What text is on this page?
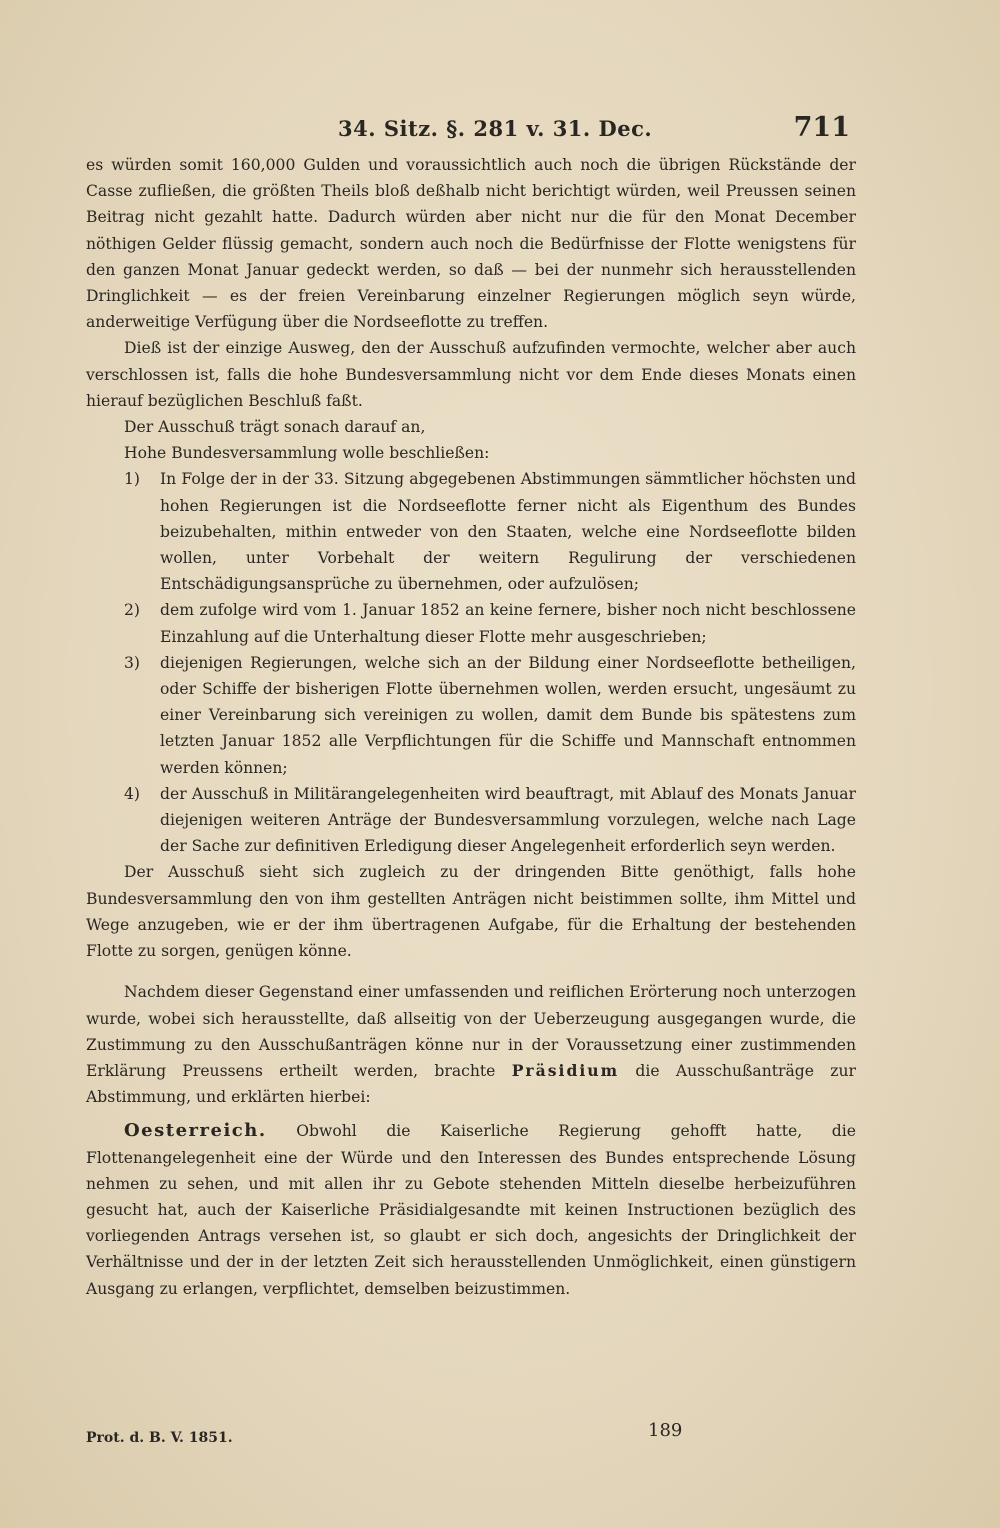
34. Sitz. §. 281 v. 31. Dec.	711

es würden somit 160,000 Gulden und voraussichtlich auch noch die übrigen Rückstände der Casse zufließen, die größten Theils bloß deßhalb nicht berichtigt würden, weil Preussen seinen Beitrag nicht gezahlt hatte. Dadurch würden aber nicht nur die für den Monat December nöthigen Gelder flüssig gemacht, sondern auch noch die Bedürfnisse der Flotte wenigstens für den ganzen Monat Januar gedeckt werden, so daß — bei der nunmehr sich herausstellenden Dringlichkeit — es der freien Vereinbarung einzelner Regierungen möglich seyn würde, anderweitige Verfügung über die Nordseeflotte zu treffen.

Dieß ist der einzige Ausweg, den der Ausschuß aufzufinden vermochte, welcher aber auch verschlossen ist, falls die hohe Bundesversammlung nicht vor dem Ende dieses Monats einen hierauf bezüglichen Beschluß faßt.

Der Ausschuß trägt sonach darauf an,

Hohe Bundesversammlung wolle beschließen:

1) In Folge der in der 33. Sitzung abgegebenen Abstimmungen sämmtlicher höchsten und hohen Regierungen ist die Nordseeflotte ferner nicht als Eigenthum des Bundes beizubehalten, mithin entweder von den Staaten, welche eine Nordseeflotte bilden wollen, unter Vorbehalt der weitern Regulirung der verschiedenen Entschädigungsansprüche zu übernehmen, oder aufzulösen;
2) dem zufolge wird vom 1. Januar 1852 an keine fernere, bisher noch nicht beschlossene Einzahlung auf die Unterhaltung dieser Flotte mehr ausgeschrieben;
3) diejenigen Regierungen, welche sich an der Bildung einer Nordseeflotte betheiligen, oder Schiffe der bisherigen Flotte übernehmen wollen, werden ersucht, ungesäumt zu einer Vereinbarung sich vereinigen zu wollen, damit dem Bunde bis spätestens zum letzten Januar 1852 alle Verpflichtungen für die Schiffe und Mannschaft entnommen werden können;
4) der Ausschuß in Militärangelegenheiten wird beauftragt, mit Ablauf des Monats Januar diejenigen weiteren Anträge der Bundesversammlung vorzulegen, welche nach Lage der Sache zur definitiven Erledigung dieser Angelegenheit erforderlich seyn werden.

Der Ausschuß sieht sich zugleich zu der dringenden Bitte genöthigt, falls hohe Bundesversammlung den von ihm gestellten Anträgen nicht beistimmen sollte, ihm Mittel und Wege anzugeben, wie er der ihm übertragenen Aufgabe, für die Erhaltung der bestehenden Flotte zu sorgen, genügen könne.

Nachdem dieser Gegenstand einer umfassenden und reiflichen Erörterung noch unterzogen wurde, wobei sich herausstellte, daß allseitig von der Ueberzeugung ausgegangen wurde, die Zustimmung zu den Ausschußanträgen könne nur in der Voraussetzung einer zustimmenden Erklärung Preussens ertheilt werden, brachte Präsidium die Ausschußanträge zur Abstimmung, und erklärten hierbei:

Oesterreich. Obwohl die Kaiserliche Regierung gehofft hatte, die Flottenangelegenheit eine der Würde und den Interessen des Bundes entsprechende Lösung nehmen zu sehen, und mit allen ihr zu Gebote stehenden Mitteln dieselbe herbeizuführen gesucht hat, auch der Kaiserliche Präsidialgesandte mit keinen Instructionen bezüglich des vorliegenden Antrags versehen ist, so glaubt er sich doch, angesichts der Dringlichkeit der Verhältnisse und der in der letzten Zeit sich herausstellenden Unmöglichkeit, einen günstigern Ausgang zu erlangen, verpflichtet, demselben beizustimmen.

Prot. d. B. V. 1851.	189
